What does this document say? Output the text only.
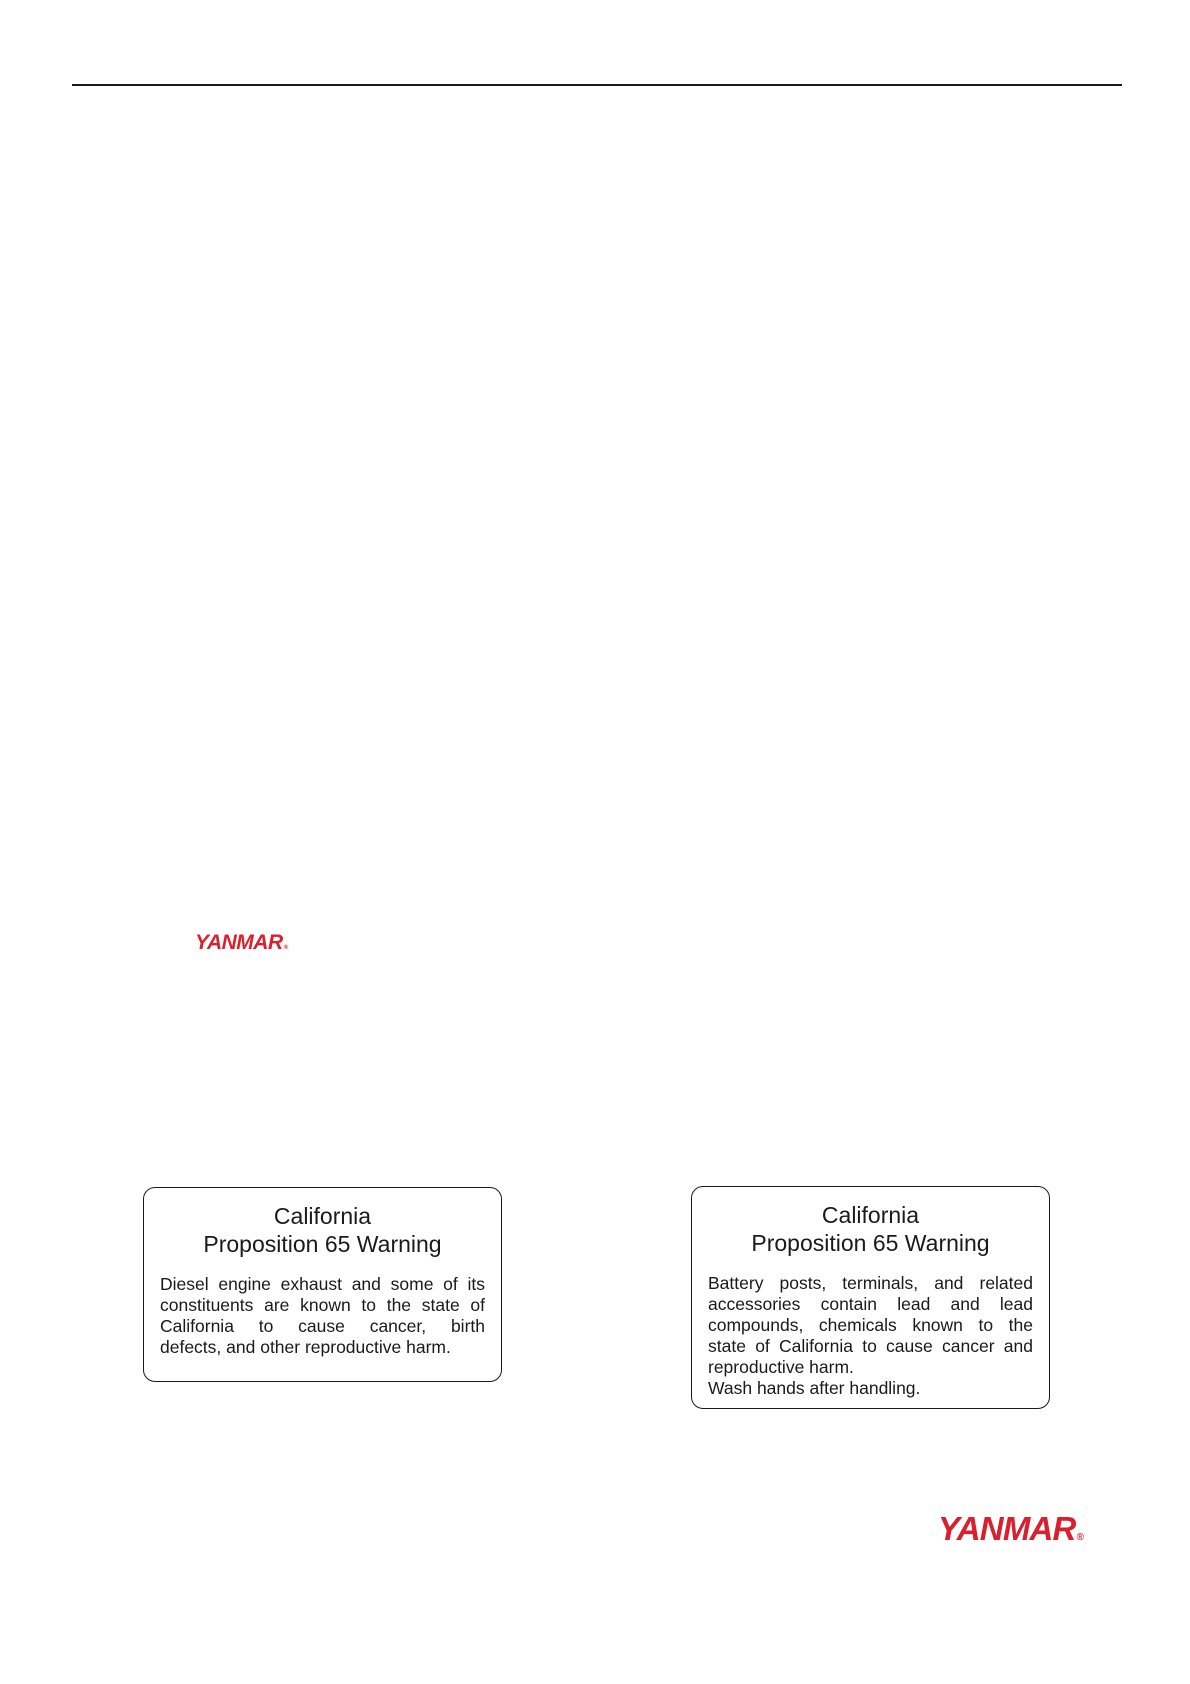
YANMAR®
California
Proposition 65 Warning
Diesel engine exhaust and some of its
constituents are known to the state of
California to cause cancer, birth
defects, and other reproductive harm.
California
Proposition 65 Warning
Battery posts, terminals, and related
accessories contain lead and lead
compounds, chemicals known to the
state of California to cause cancer and
reproductive harm.
Wash hands after handling.
YANMAR®
